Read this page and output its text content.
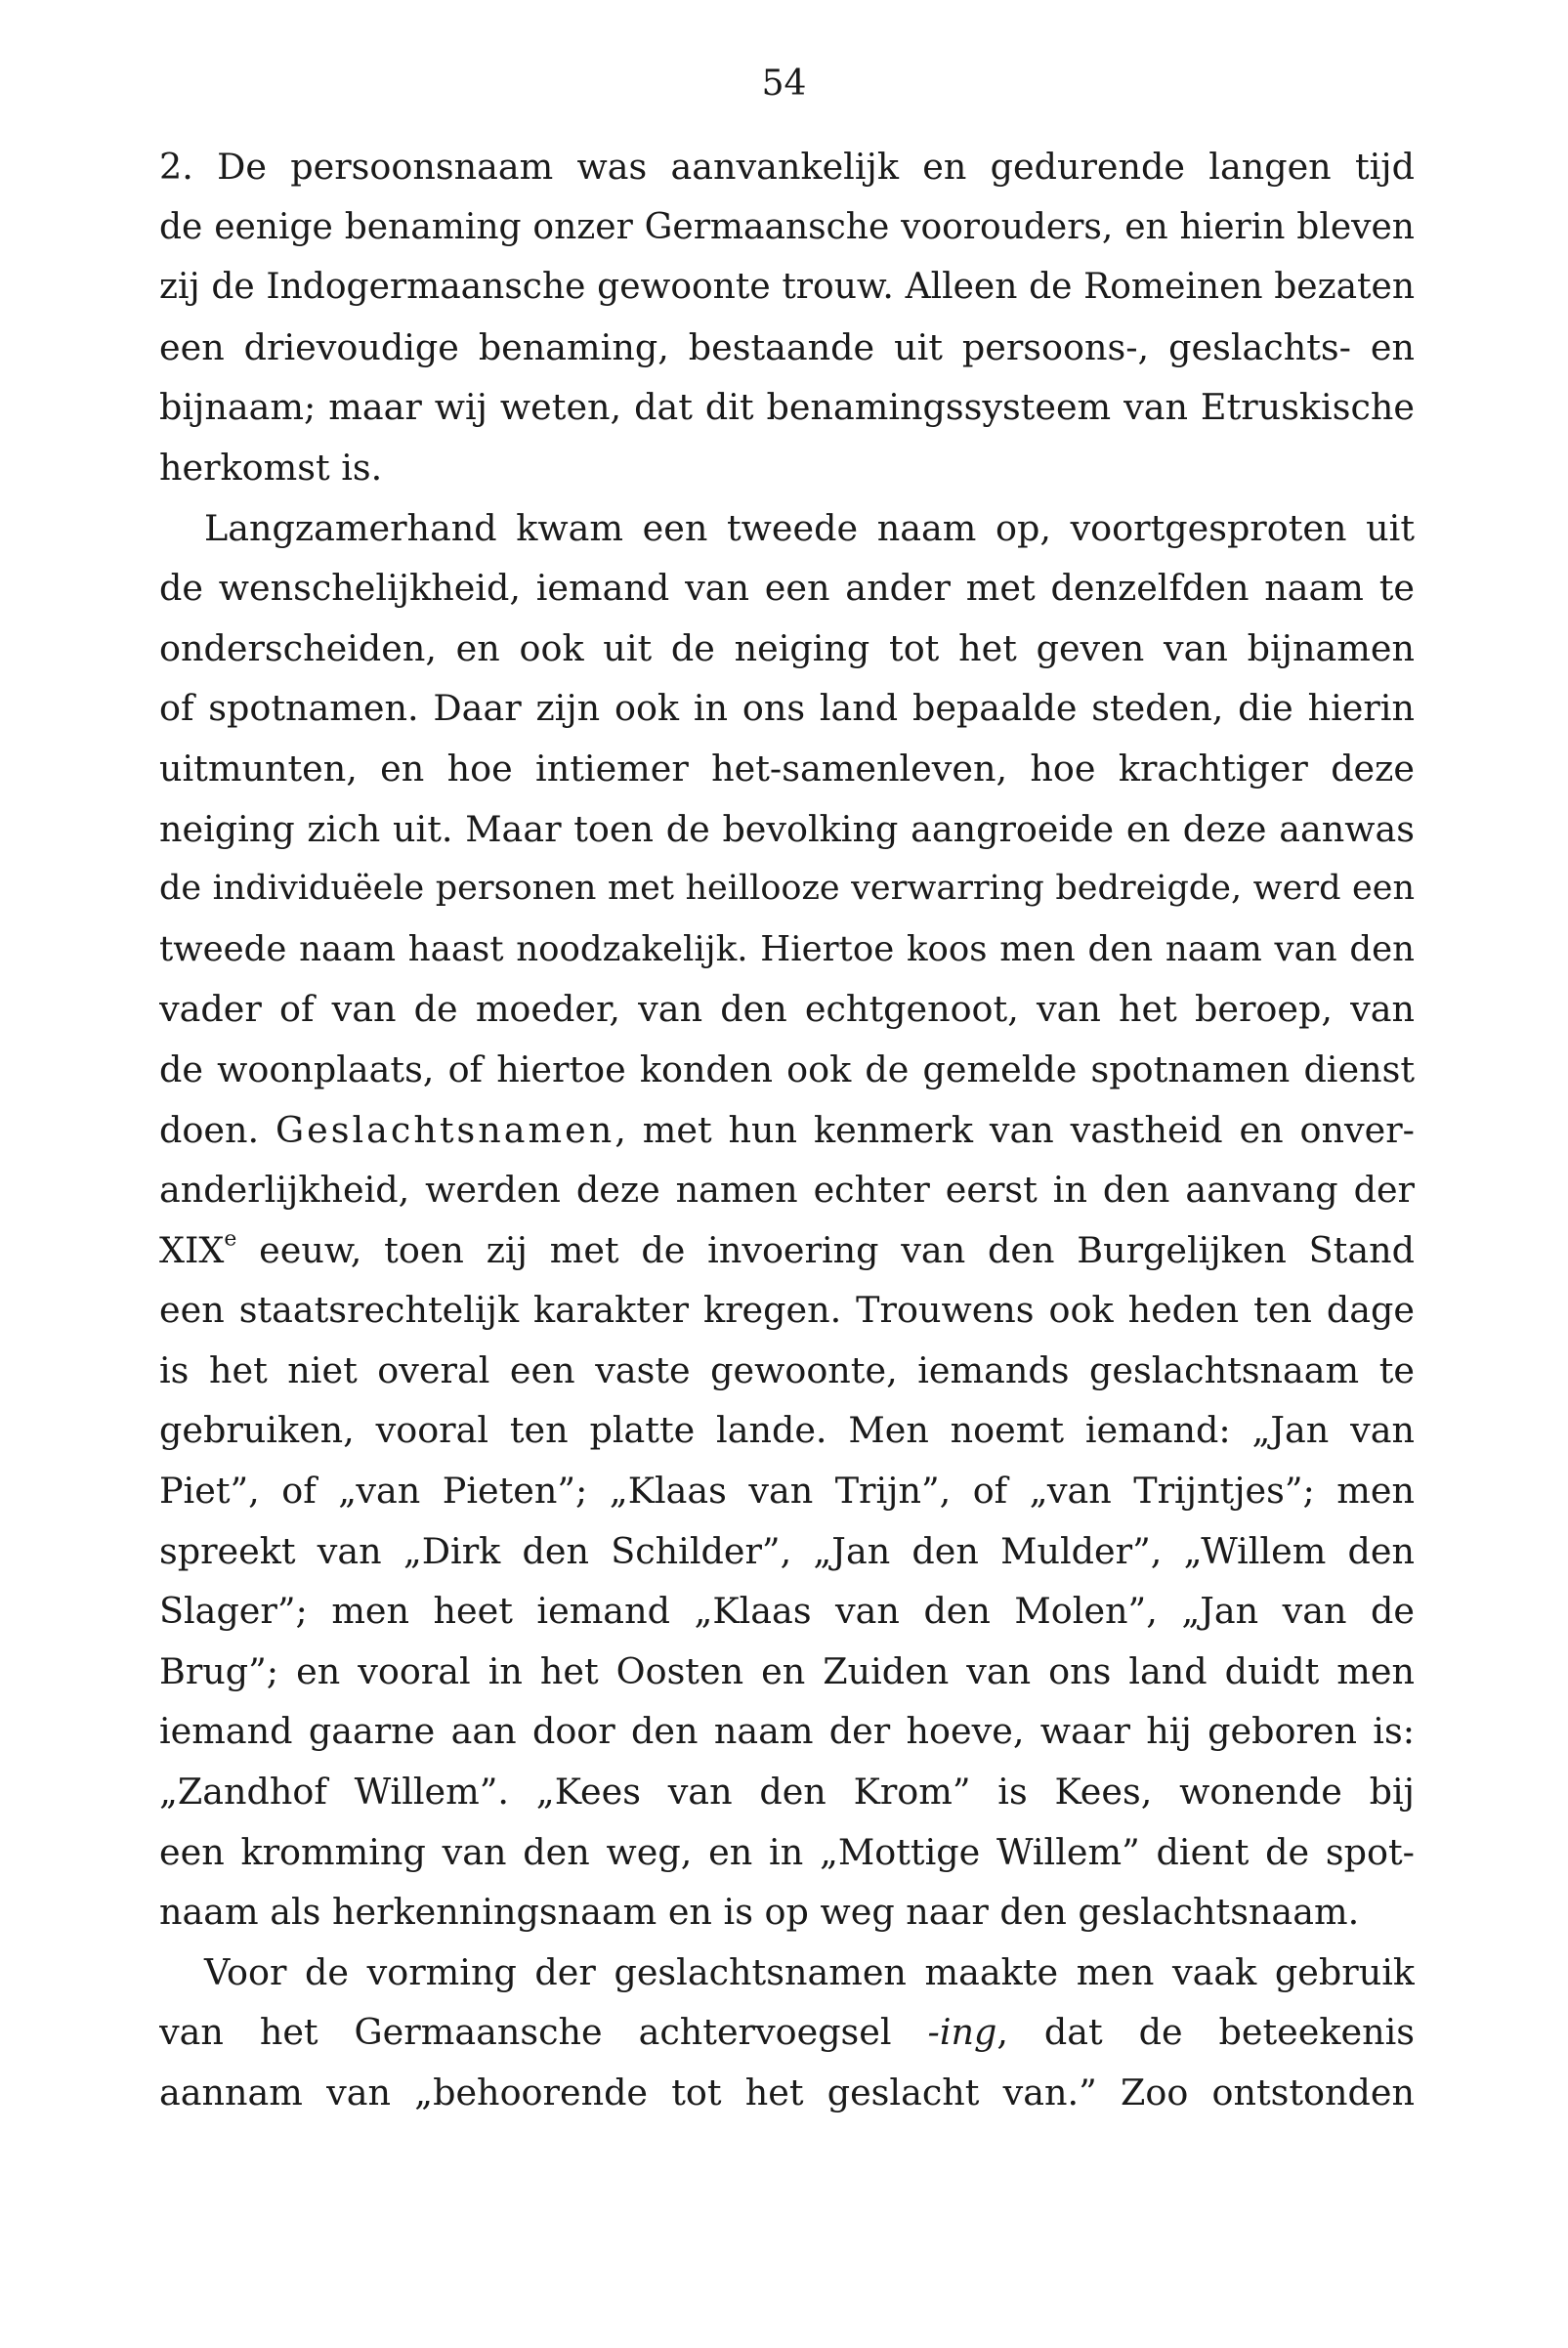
54
2. De persoonsnaam was aanvankelijk en gedurende langen tijd
de eenige benaming onzer Germaansche voorouders, en hierin bleven
zij de Indogermaansche gewoonte trouw. Alleen de Romeinen bezaten
een drievoudige benaming, bestaande uit persoons-, geslachts- en
bijnaam; maar wij weten, dat dit benamingssysteem van Etruskische
herkomst is.
Langzamerhand kwam een tweede naam op, voortgesproten uit
de wenschelijkheid, iemand van een ander met denzelfden naam te
onderscheiden, en ook uit de neiging tot het geven van bijnamen
of spotnamen. Daar zijn ook in ons land bepaalde steden, die hierin
uitmunten, en hoe intiemer het-samenleven, hoe krachtiger deze
neiging zich uit. Maar toen de bevolking aangroeide en deze aanwas
de individuëele personen met heillooze verwarring bedreigde, werd een
tweede naam haast noodzakelijk. Hiertoe koos men den naam van den
vader of van de moeder, van den echtgenoot, van het beroep, van
de woonplaats, of hiertoe konden ook de gemelde spotnamen dienst
doen. Geslachtsnamen, met hun kenmerk van vastheid en onver-
anderlijkheid, werden deze namen echter eerst in den aanvang der
XIXe eeuw, toen zij met de invoering van den Burgelijken Stand
een staatsrechtelijk karakter kregen. Trouwens ook heden ten dage
is het niet overal een vaste gewoonte, iemands geslachtsnaam te
gebruiken, vooral ten platte lande. Men noemt iemand: „Jan van
Piet”, of „van Pieten”; „Klaas van Trijn”, of „van Trijntjes”; men
spreekt van „Dirk den Schilder”, „Jan den Mulder”, „Willem den
Slager”; men heet iemand „Klaas van den Molen”, „Jan van de
Brug”; en vooral in het Oosten en Zuiden van ons land duidt men
iemand gaarne aan door den naam der hoeve, waar hij geboren is:
„Zandhof Willem”. „Kees van den Krom” is Kees, wonende bij
een kromming van den weg, en in „Mottige Willem” dient de spot-
naam als herkenningsnaam en is op weg naar den geslachtsnaam.
Voor de vorming der geslachtsnamen maakte men vaak gebruik
van het Germaansche achtervoegsel -ing, dat de beteekenis
aannam van „behoorende tot het geslacht van.” Zoo ontstonden
